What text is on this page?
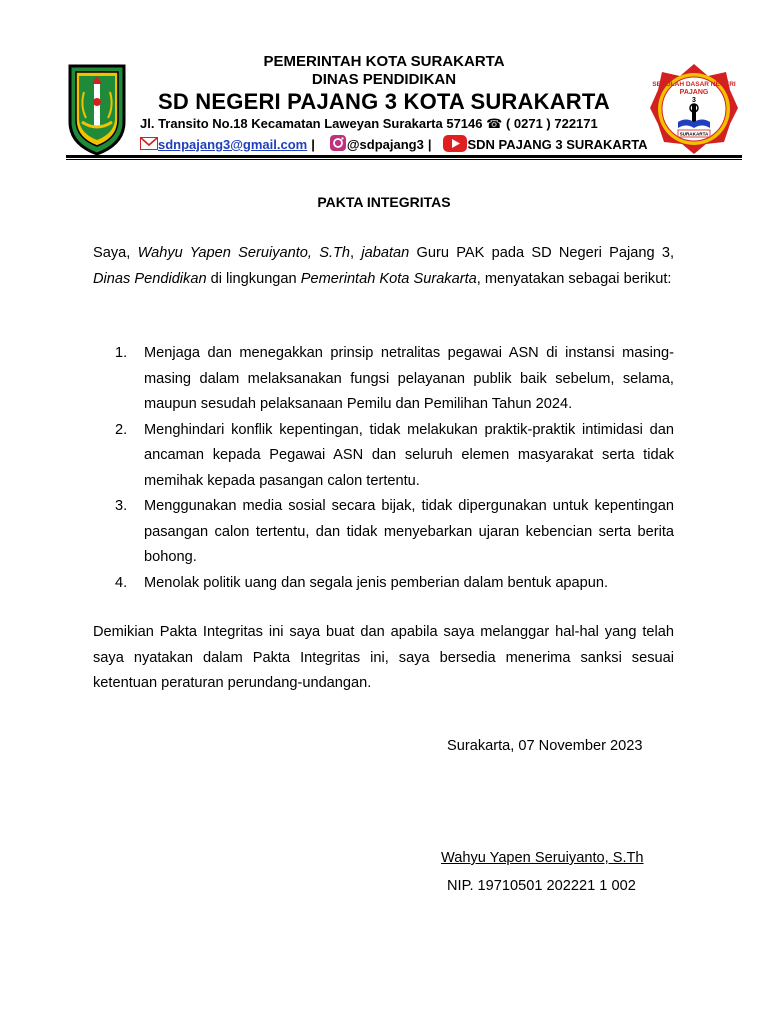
PEMERINTAH KOTA SURAKARTA
DINAS PENDIDIKAN
SD NEGERI PAJANG 3 KOTA SURAKARTA
Jl. Transito No.18 Kecamatan Laweyan Surakarta 57146 ☎ ( 0271 ) 722171
sdnpajang3@gmail.com | @sdpajang3 |	SDN PAJANG 3 SURAKARTA
SEKOLAH DASAR NEGERI
PAJANG
3
SURAKARTA
PAKTA INTEGRITAS
Saya, Wahyu Yapen Seruiyanto, S.Th, jabatan Guru PAK pada SD Negeri Pajang 3, Dinas Pendidikan di lingkungan Pemerintah Kota Surakarta, menyatakan sebagai berikut:
1.	Menjaga dan menegakkan prinsip netralitas pegawai ASN di instansi masing-masing dalam melaksanakan fungsi pelayanan publik baik sebelum, selama, maupun sesudah pelaksanaan Pemilu dan Pemilihan Tahun 2024.
2.	Menghindari konflik kepentingan, tidak melakukan praktik-praktik intimidasi dan ancaman kepada Pegawai ASN dan seluruh elemen masyarakat serta tidak memihak kepada pasangan calon tertentu.
3.	Menggunakan media sosial secara bijak, tidak dipergunakan untuk kepentingan pasangan calon tertentu, dan tidak menyebarkan ujaran kebencian serta berita bohong.
4.	Menolak politik uang dan segala jenis pemberian dalam bentuk apapun.
Demikian Pakta Integritas ini saya buat dan apabila saya melanggar hal-hal yang telah saya nyatakan dalam Pakta Integritas ini, saya bersedia menerima sanksi sesuai ketentuan peraturan perundang-undangan.
Surakarta, 07 November 2023
Wahyu Yapen Seruiyanto, S.Th
NIP. 19710501 202221 1 002
